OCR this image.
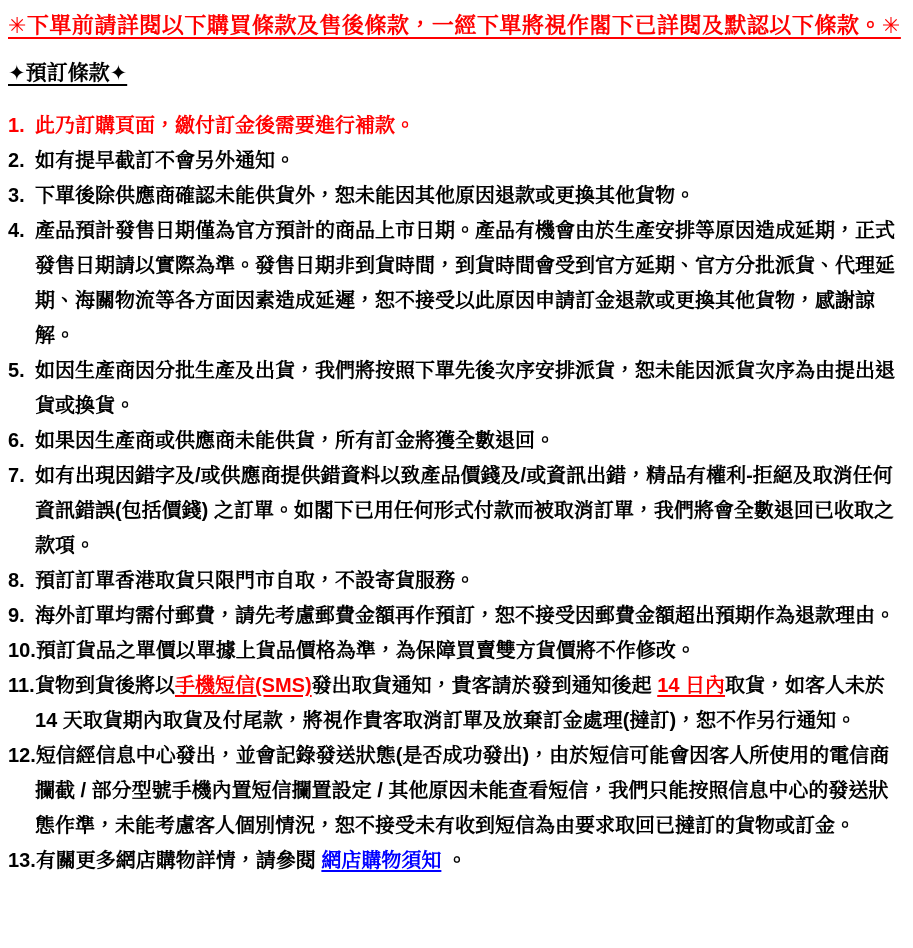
✳下單前請詳閱以下購買條款及售後條款，一經下單將視作閣下已詳閱及默認以下條款。✳
✦預訂條款✦
1. 此乃訂購頁面，繳付訂金後需要進行補款。
2. 如有提早截訂不會另外通知。
3. 下單後除供應商確認未能供貨外，恕未能因其他原因退款或更換其他貨物。
4. 產品預計發售日期僅為官方預計的商品上市日期。產品有機會由於生產安排等原因造成延期，正式發售日期請以實際為準。發售日期非到貨時間，到貨時間會受到官方延期、官方分批派貨、代理延期、海關物流等各方面因素造成延遲，恕不接受以此原因申請訂金退款或更換其他貨物，感謝諒解。
5. 如因生產商因分批生產及出貨，我們將按照下單先後次序安排派貨，恕未能因派貨次序為由提出退貨或換貨。
6. 如果因生產商或供應商未能供貨，所有訂金將獲全數退回。
7. 如有出現因錯字及/或供應商提供錯資料以致產品價錢及/或資訊出錯，精品有權利-拒絕及取消任何資訊錯誤(包括價錢) 之訂單。如閣下已用任何形式付款而被取消訂單，我們將會全數退回已收取之款項。
8. 預訂訂單香港取貨只限門市自取，不設寄貨服務。
9. 海外訂單均需付郵費，請先考慮郵費金額再作預訂，恕不接受因郵費金額超出預期作為退款理由。
10.預訂貨品之單價以單據上貨品價格為準，為保障買賣雙方貨價將不作修改。
11.貨物到貨後將以手機短信(SMS)發出取貨通知，貴客請於發到通知後起 14 日內取貨，如客人未於 14 天取貨期內取貨及付尾款，將視作貴客取消訂單及放棄訂金處理(撻訂)，恕不作另行通知。
12.短信經信息中心發出，並會記錄發送狀態(是否成功發出)，由於短信可能會因客人所使用的電信商攔截 / 部分型號手機內置短信攔置設定 / 其他原因未能查看短信，我們只能按照信息中心的發送狀態作準，未能考慮客人個別情況，恕不接受未有收到短信為由要求取回已撻訂的貨物或訂金。
13.有關更多網店購物詳情，請參閱 網店購物須知 。
